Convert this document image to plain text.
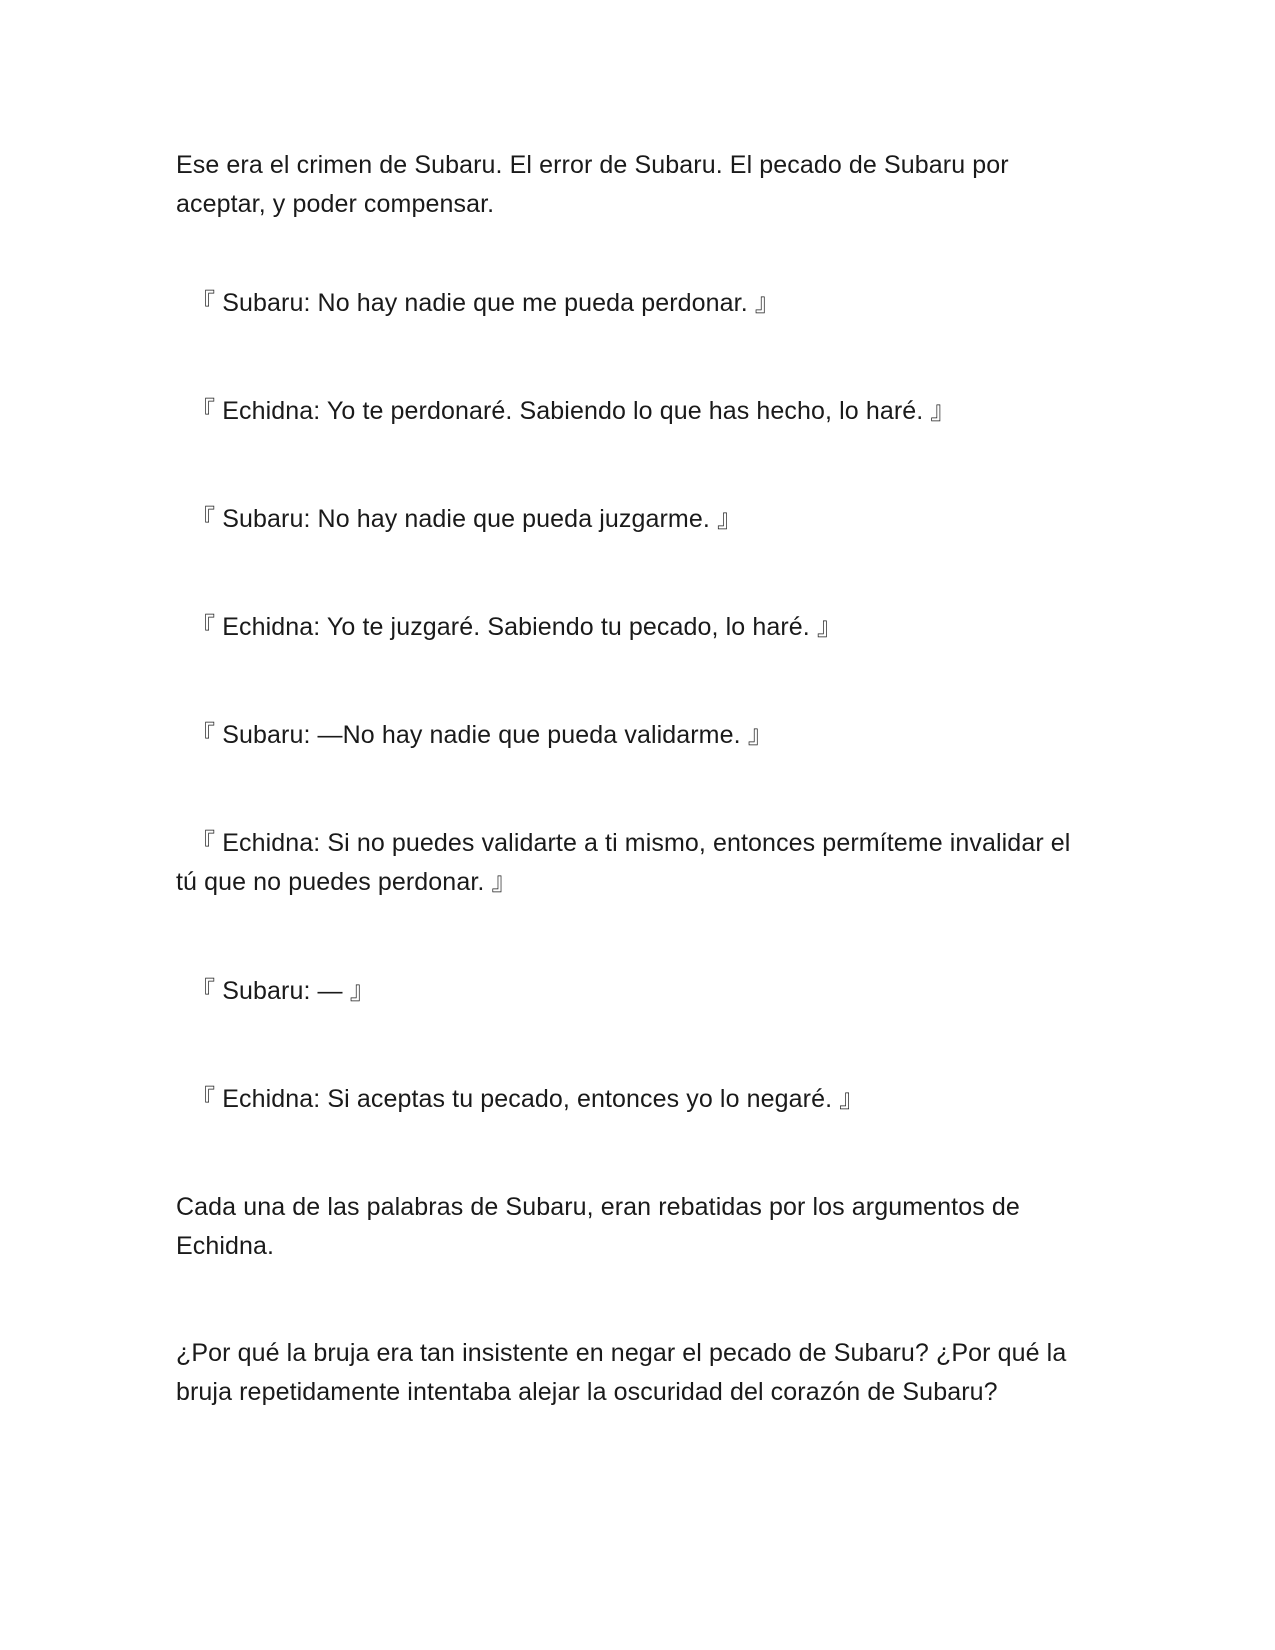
Ese era el crimen de Subaru. El error de Subaru. El pecado de Subaru por aceptar, y poder compensar.

『 Subaru: No hay nadie que me pueda perdonar. 』

『 Echidna: Yo te perdonaré. Sabiendo lo que has hecho, lo haré. 』

『 Subaru: No hay nadie que pueda juzgarme. 』

『 Echidna: Yo te juzgaré. Sabiendo tu pecado, lo haré. 』

『 Subaru: —No hay nadie que pueda validarme. 』

『 Echidna: Si no puedes validarte a ti mismo, entonces permíteme invalidar el tú que no puedes perdonar. 』

『 Subaru: — 』

『 Echidna: Si aceptas tu pecado, entonces yo lo negaré. 』

Cada una de las palabras de Subaru, eran rebatidas por los argumentos de Echidna.

¿Por qué la bruja era tan insistente en negar el pecado de Subaru? ¿Por qué la bruja repetidamente intentaba alejar la oscuridad del corazón de Subaru?
